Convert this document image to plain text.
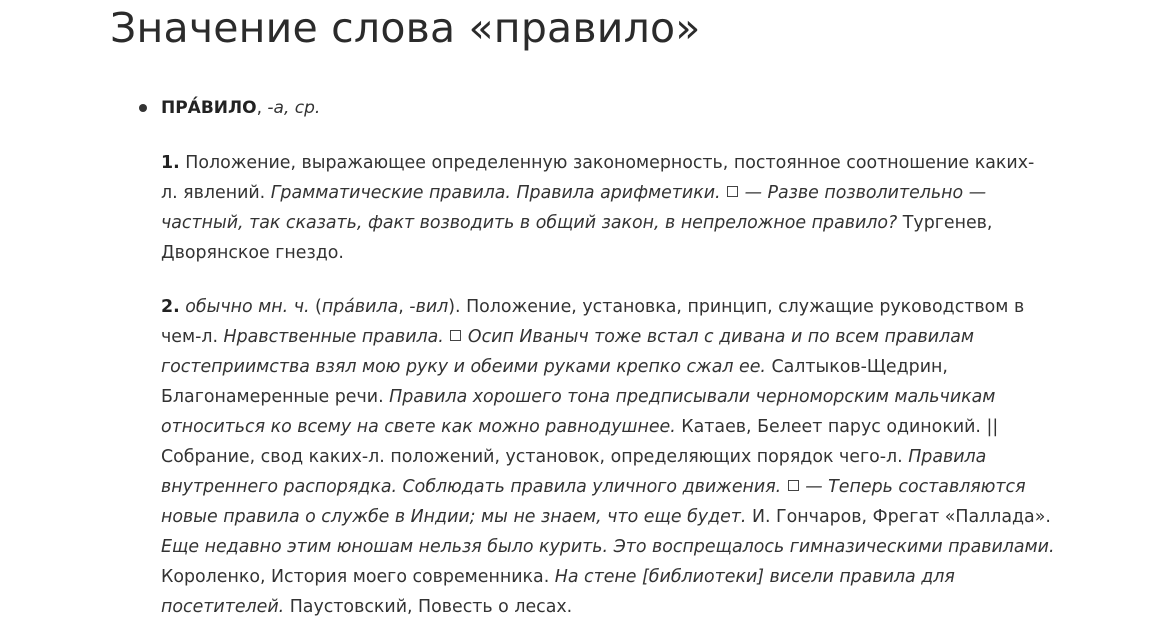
Значение слова «правило»
ПРА́ВИЛО, -а, ср.
1. Положение, выражающее определенную закономерность, постоянное соотношение каких-
л. явлений. Грамматические правила. Правила арифметики.  — Разве позволительно —
частный, так сказать, факт возводить в общий закон, в непреложное правило? Тургенев,
Дворянское гнездо.
2. обычно мн. ч. (пра́вила, -вил). Положение, установка, принцип, служащие руководством в
чем-л. Нравственные правила.  Осип Иваныч тоже встал с дивана и по всем правилам
гостеприимства взял мою руку и обеими руками крепко сжал ее. Салтыков-Щедрин,
Благонамеренные речи. Правила хорошего тона предписывали черноморским мальчикам
относиться ко всему на свете как можно равнодушнее. Катаев, Белеет парус одинокий. ||
Собрание, свод каких-л. положений, установок, определяющих порядок чего-л. Правила
внутреннего распорядка. Соблюдать правила уличного движения.  — Теперь составляются
новые правила о службе в Индии; мы не знаем, что еще будет. И. Гончаров, Фрегат «Паллада».
Еще недавно этим юношам нельзя было курить. Это воспрещалось гимназическими правилами.
Короленко, История моего современника. На стене [библиотеки] висели правила для
посетителей. Паустовский, Повесть о лесах.
